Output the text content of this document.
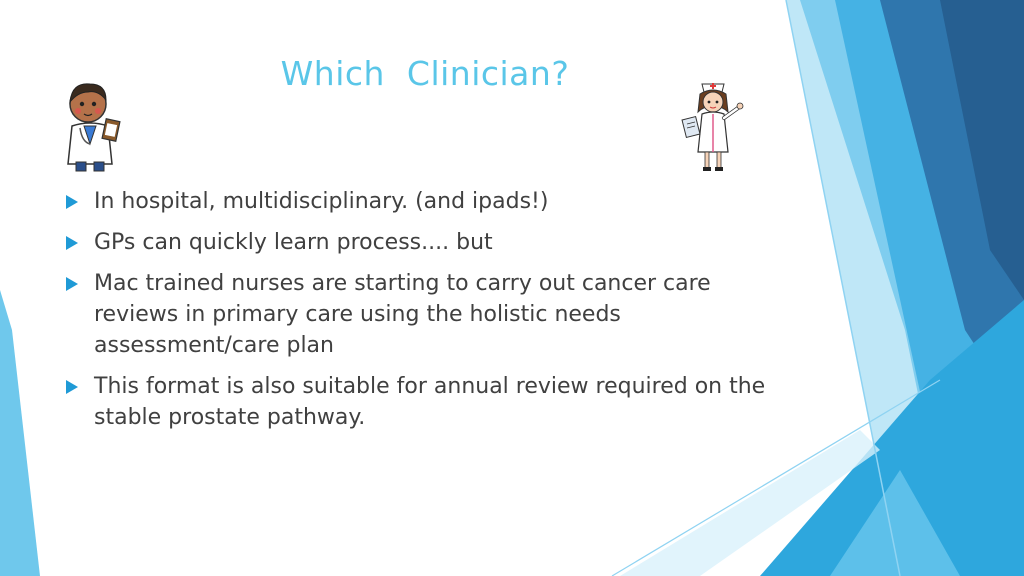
Which  Clinician?
In hospital, multidisciplinary. (and ipads!)
GPs can quickly learn process.... but
Mac trained nurses are starting to carry out cancer care reviews in primary care using the holistic needs assessment/care plan
This format is also suitable for annual review required on the stable prostate pathway.
